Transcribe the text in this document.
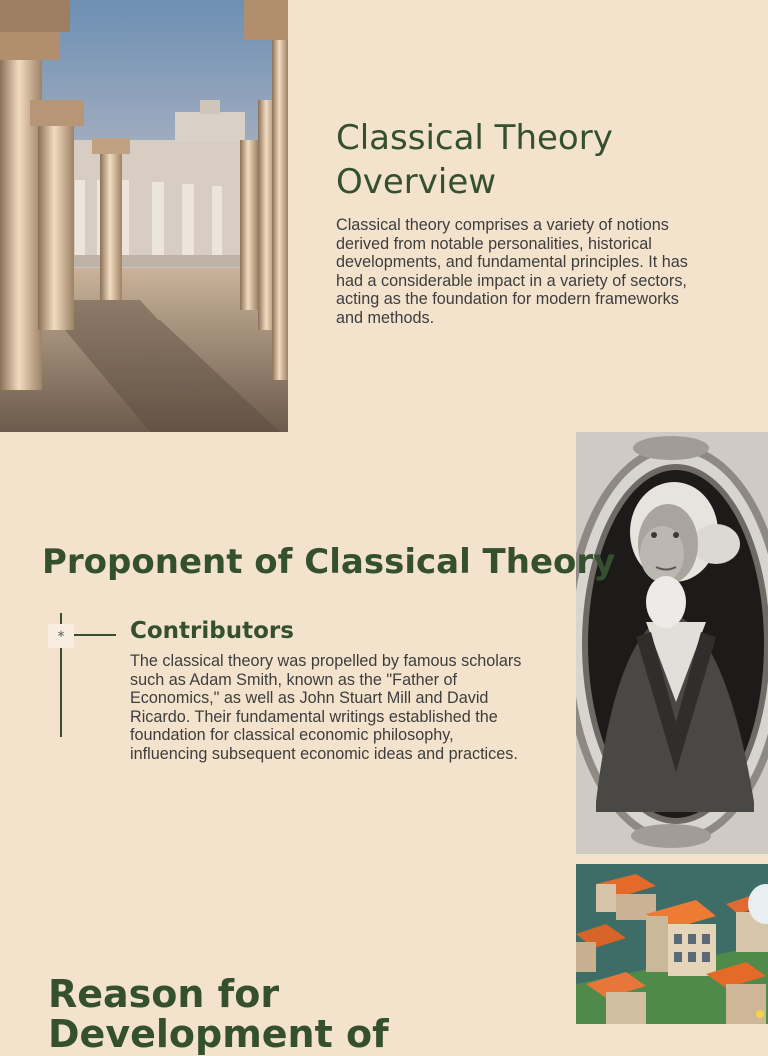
Classical Theory Overview

Classical theory comprises a variety of notions derived from notable personalities, historical developments, and fundamental principles. It has had a considerable impact in a variety of sectors, acting as the foundation for modern frameworks and methods.

Proponent of Classical Theory
*	Contributors

The classical theory was propelled by famous scholars such as Adam Smith, known as the "Father of Economics," as well as John Stuart Mill and David Ricardo. Their fundamental writings established the foundation for classical economic philosophy, influencing subsequent economic ideas and practices.

Reason for Development of
